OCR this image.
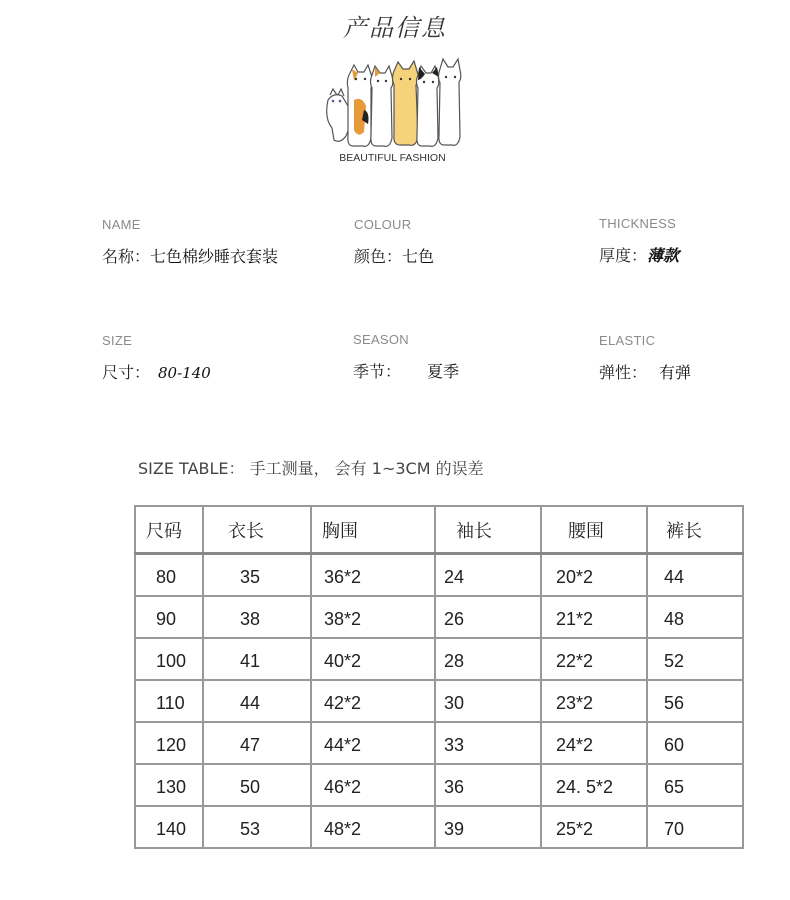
产品信息
BEAUTIFUL FASHION
NAME
名称：七色棉纱睡衣套装
COLOUR
颜色：七色
THICKNESS
厚度：薄款
SIZE
尺寸： 80-140
SEASON
季节： 夏季
ELASTIC
弹性： 有弹
SIZE TABLE： 手工测量， 会有 1~3CM 的误差
尺码	衣长	胸围	袖长	腰围	裤长
80	35	36*2	24	20*2	44
90	38	38*2	26	21*2	48
100	41	40*2	28	22*2	52
110	44	42*2	30	23*2	56
120	47	44*2	33	24*2	60
130	50	46*2	36	24. 5*2	65
140	53	48*2	39	25*2	70
